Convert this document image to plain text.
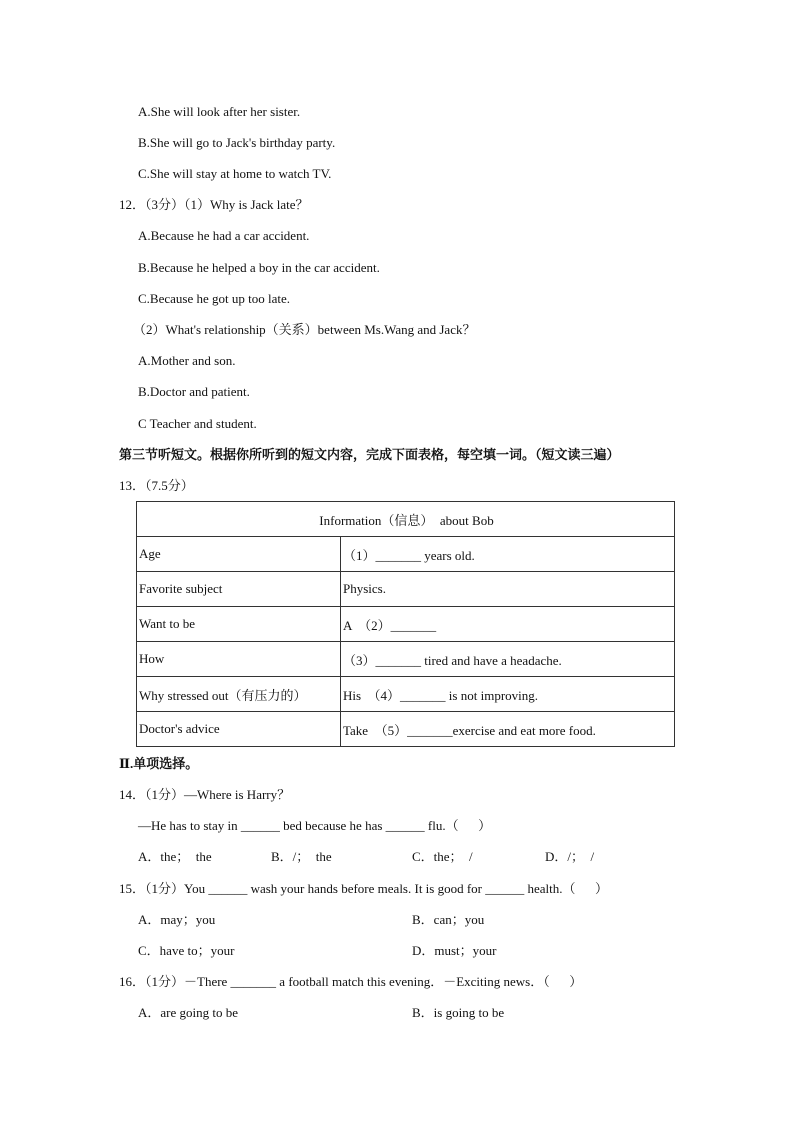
A.She will look after her sister.
B.She will go to Jack's birthday party.
C.She will stay at home to watch TV.
12．（3分）（1）Why is Jack late？
A.Because he had a car accident.
B.Because he helped a boy in the car accident.
C.Because he got up too late.
（2）What's relationship（关系）between Ms.Wang and Jack？
A.Mother and son.
B.Doctor and patient.
C Teacher and student.
第三节听短文。根据你所听到的短文内容，完成下面表格，每空填一词。（短文读三遍）
13．（7.5分）
Information（信息）  about Bob	
Age	（1）_______ years old.
Favorite subject	Physics.
Want to be	A  （2）_______
How	（3）_______ tired and have a headache.
Why stressed out（有压力的）	His  （4）_______ is not improving.
Doctor's advice	Take  （5）_______exercise and eat more food.
Ⅱ.单项选择。
14．（1分）—Where is Harry？
—He has to stay in ______ bed because he has ______ flu.（      ）
A．the；  the	B．/；  the	C．the；  /	D．/；  /
15．（1分）You ______ wash your hands before meals. It is good for ______ health.（      ）
A．may；you	B．can；you
C．have to；your	D．must；your
16．（1分）－There _______ a football match this evening．－Exciting news．（      ）
A．are going to be	B．is going to be
